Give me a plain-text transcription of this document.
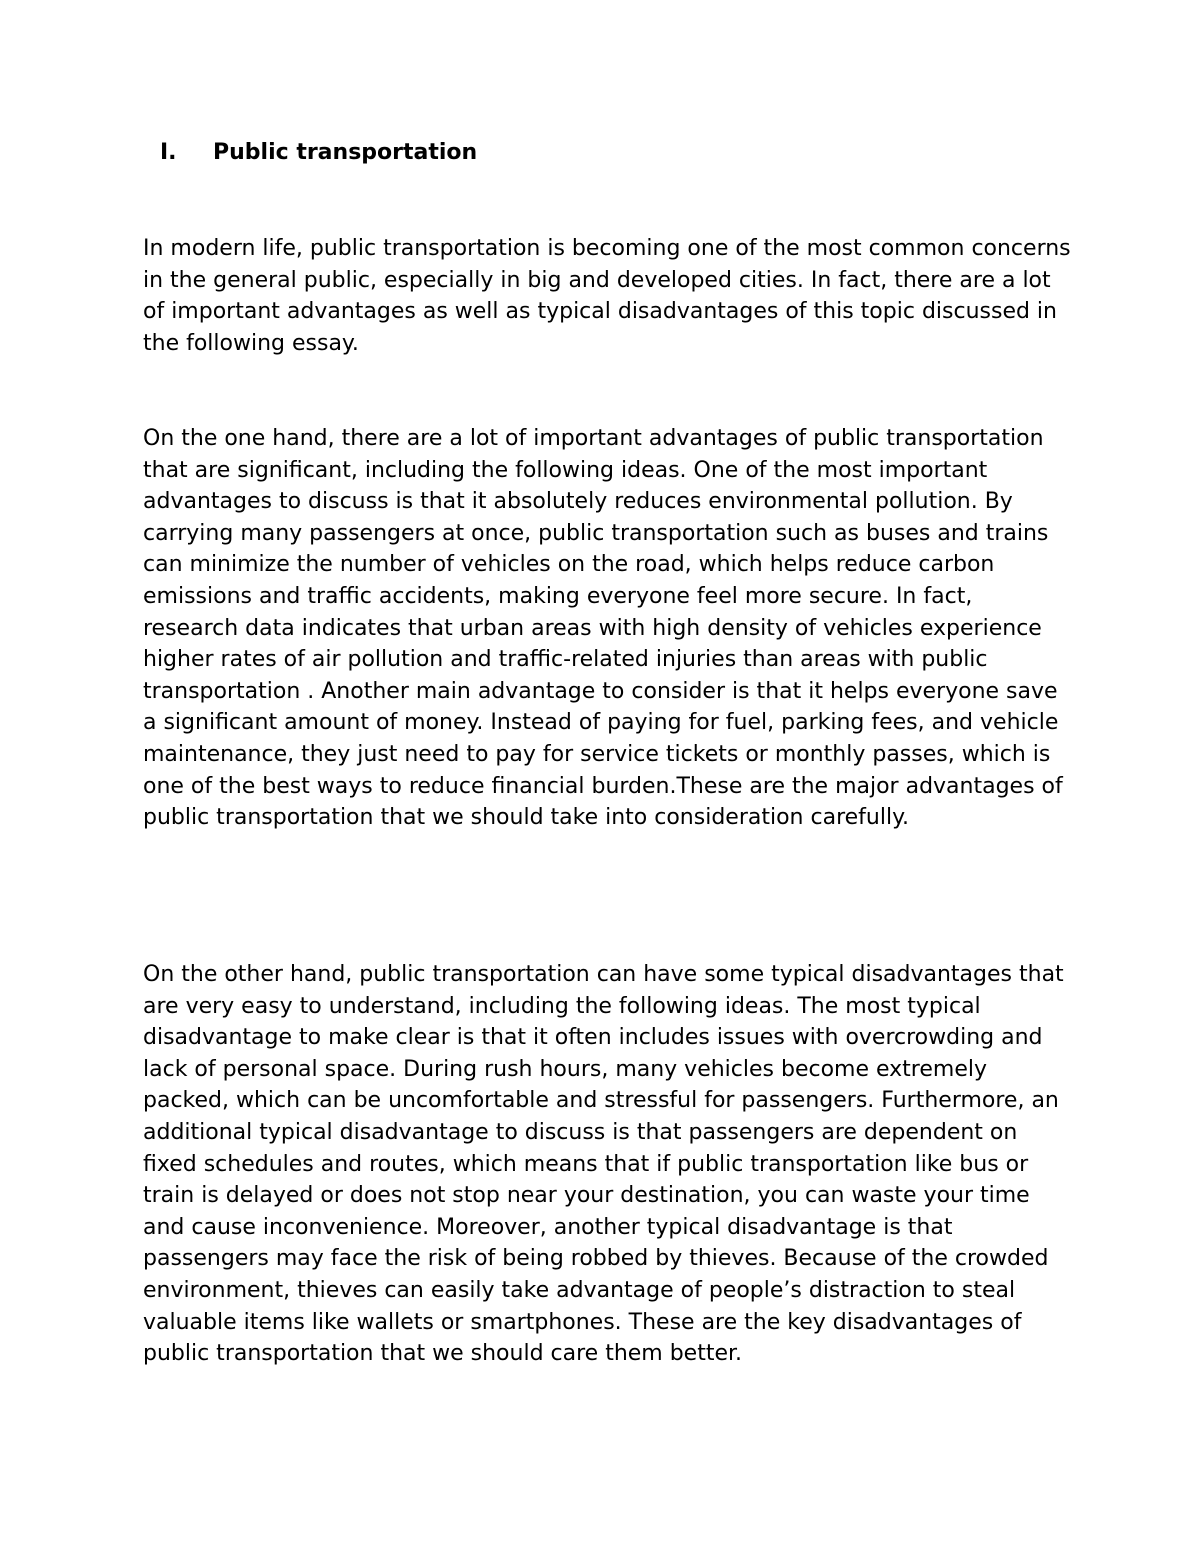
I. Public transportation

In modern life, public transportation is becoming one of the most common concerns in the general public, especially in big and developed cities. In fact, there are a lot of important advantages as well as typical disadvantages of this topic discussed in the following essay.

On the one hand, there are a lot of important advantages of public transportation that are significant, including the following ideas. One of the most important advantages to discuss is that it absolutely reduces environmental pollution. By carrying many passengers at once, public transportation such as buses and trains can minimize the number of vehicles on the road, which helps reduce carbon emissions and traffic accidents, making everyone feel more secure. In fact, research data indicates that urban areas with high density of vehicles experience higher rates of air pollution and traffic-related injuries than areas with public transportation . Another main advantage to consider is that it helps everyone save a significant amount of money. Instead of paying for fuel, parking fees, and vehicle maintenance, they just need to pay for service tickets or monthly passes, which is one of the best ways to reduce financial burden.These are the major advantages of public transportation that we should take into consideration carefully.

On the other hand, public transportation can have some typical disadvantages that are very easy to understand, including the following ideas. The most typical disadvantage to make clear is that it often includes issues with overcrowding and lack of personal space. During rush hours, many vehicles become extremely packed, which can be uncomfortable and stressful for passengers. Furthermore, an additional typical disadvantage to discuss is that passengers are dependent on fixed schedules and routes, which means that if public transportation like bus or train is delayed or does not stop near your destination, you can waste your time and cause inconvenience. Moreover, another typical disadvantage is that passengers may face the risk of being robbed by thieves. Because of the crowded environment, thieves can easily take advantage of people’s distraction to steal valuable items like wallets or smartphones. These are the key disadvantages of public transportation that we should care them better.
